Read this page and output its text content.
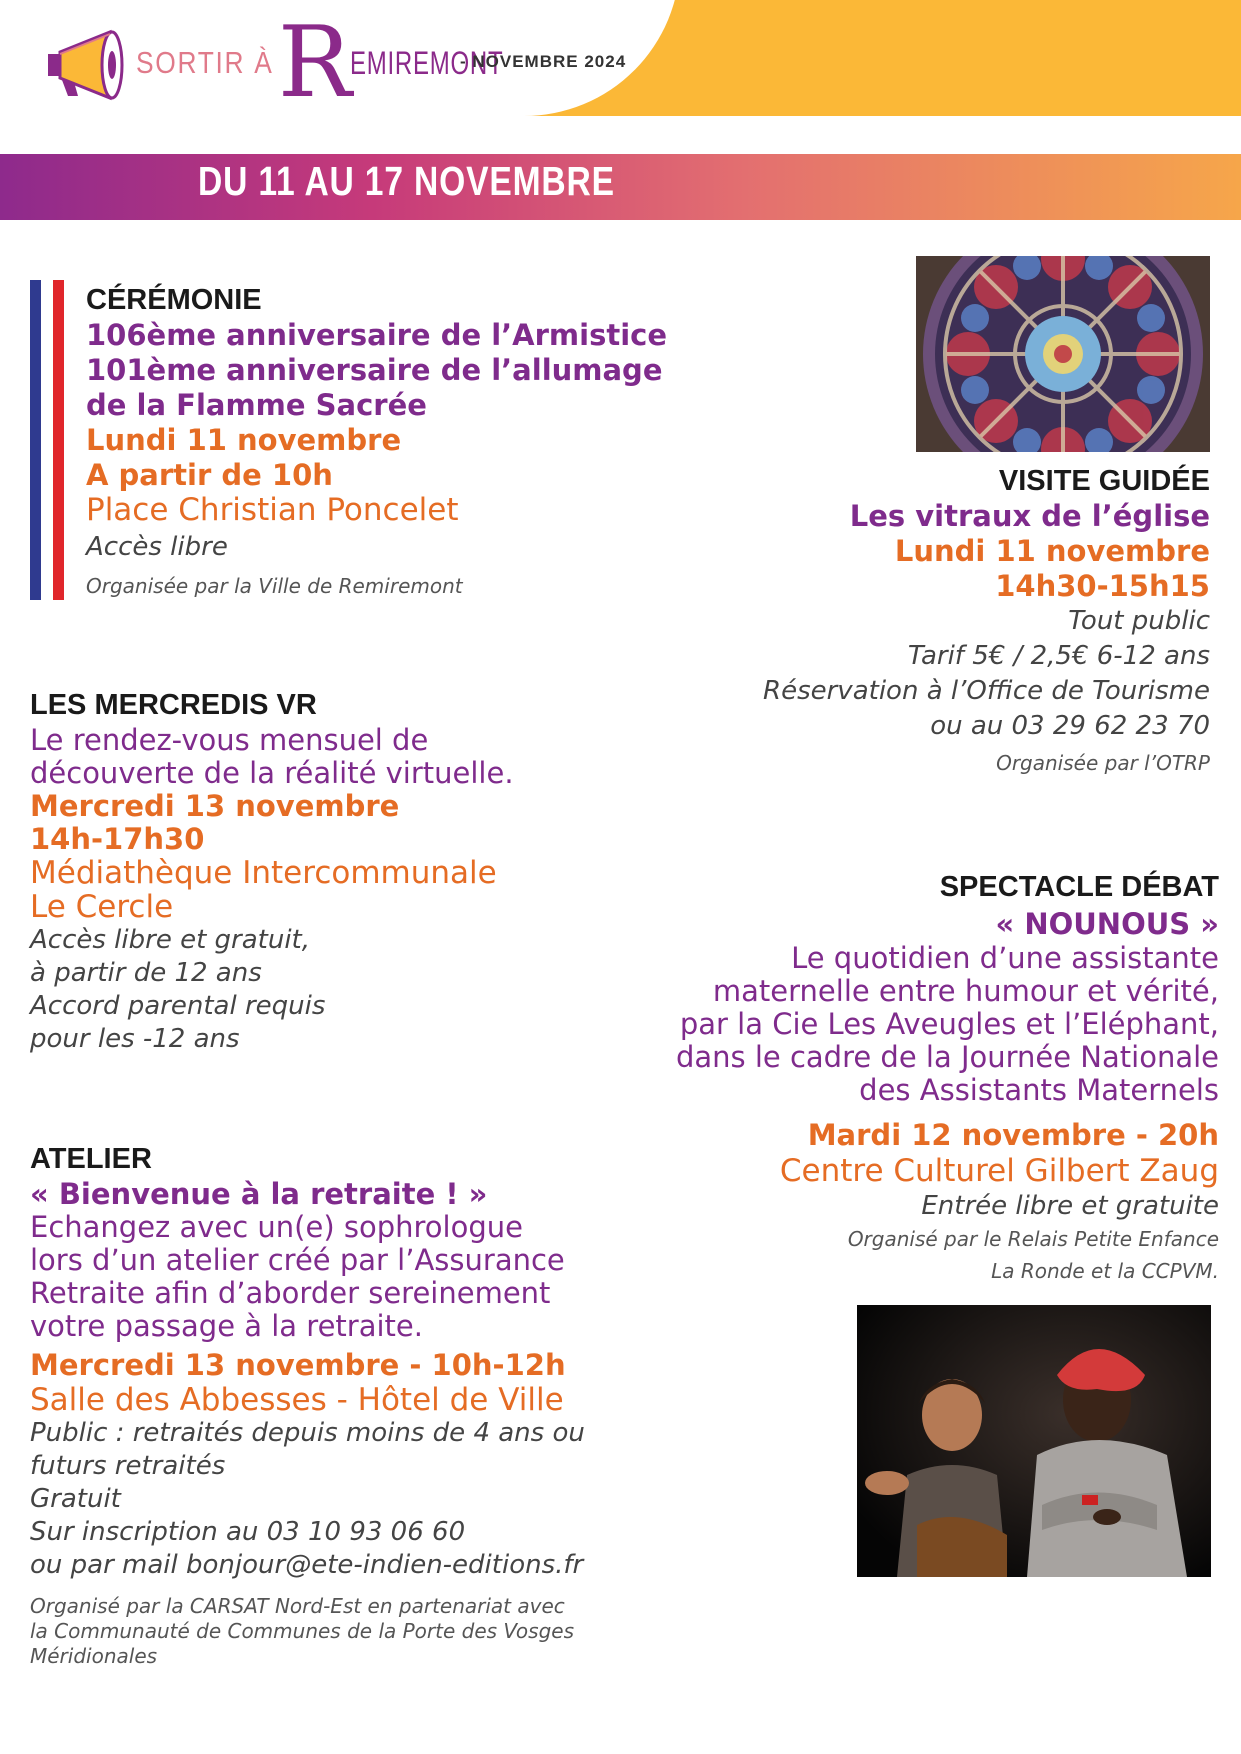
SORTIR À R
EMIREMONT
- NOVEMBRE 2024
DU 11 AU 17 NOVEMBRE
CÉRÉMONIE
106ème anniversaire de l’Armistice
101ème anniversaire de l’allumage
de la Flamme Sacrée
Lundi 11 novembre
A partir de 10h
Place Christian Poncelet
Accès libre
Organisée par la Ville de Remiremont
VISITE GUIDÉE
Les vitraux de l’église
Lundi 11 novembre
14h30-15h15
Tout public
Tarif 5€ / 2,5€ 6-12 ans
Réservation à l’Office de Tourisme
ou au 03 29 62 23 70
Organisée par l’OTRP
LES MERCREDIS VR
Le rendez-vous mensuel de
découverte de la réalité virtuelle.
Mercredi 13 novembre
14h-17h30
Médiathèque Intercommunale
Le Cercle
Accès libre et gratuit,
à partir de 12 ans
Accord parental requis
pour les -12 ans
SPECTACLE DÉBAT
« NOUNOUS »
Le quotidien d’une assistante
maternelle entre humour et vérité,
par la Cie Les Aveugles et l’Eléphant,
dans le cadre de la Journée Nationale
des Assistants Maternels
Mardi 12 novembre - 20h
Centre Culturel Gilbert Zaug
Entrée libre et gratuite
Organisé par le Relais Petite Enfance
La Ronde et la CCPVM.
ATELIER
« Bienvenue à la retraite ! »
Echangez avec un(e) sophrologue
lors d’un atelier créé par l’Assurance
Retraite afin d’aborder sereinement
votre passage à la retraite.
Mercredi 13 novembre - 10h-12h
Salle des Abbesses - Hôtel de Ville
Public : retraités depuis moins de 4 ans ou
futurs retraités
Gratuit
Sur inscription au 03 10 93 06 60
ou par mail bonjour@ete-indien-editions.fr
Organisé par la CARSAT Nord-Est en partenariat avec
la Communauté de Communes de la Porte des Vosges
Méridionales
